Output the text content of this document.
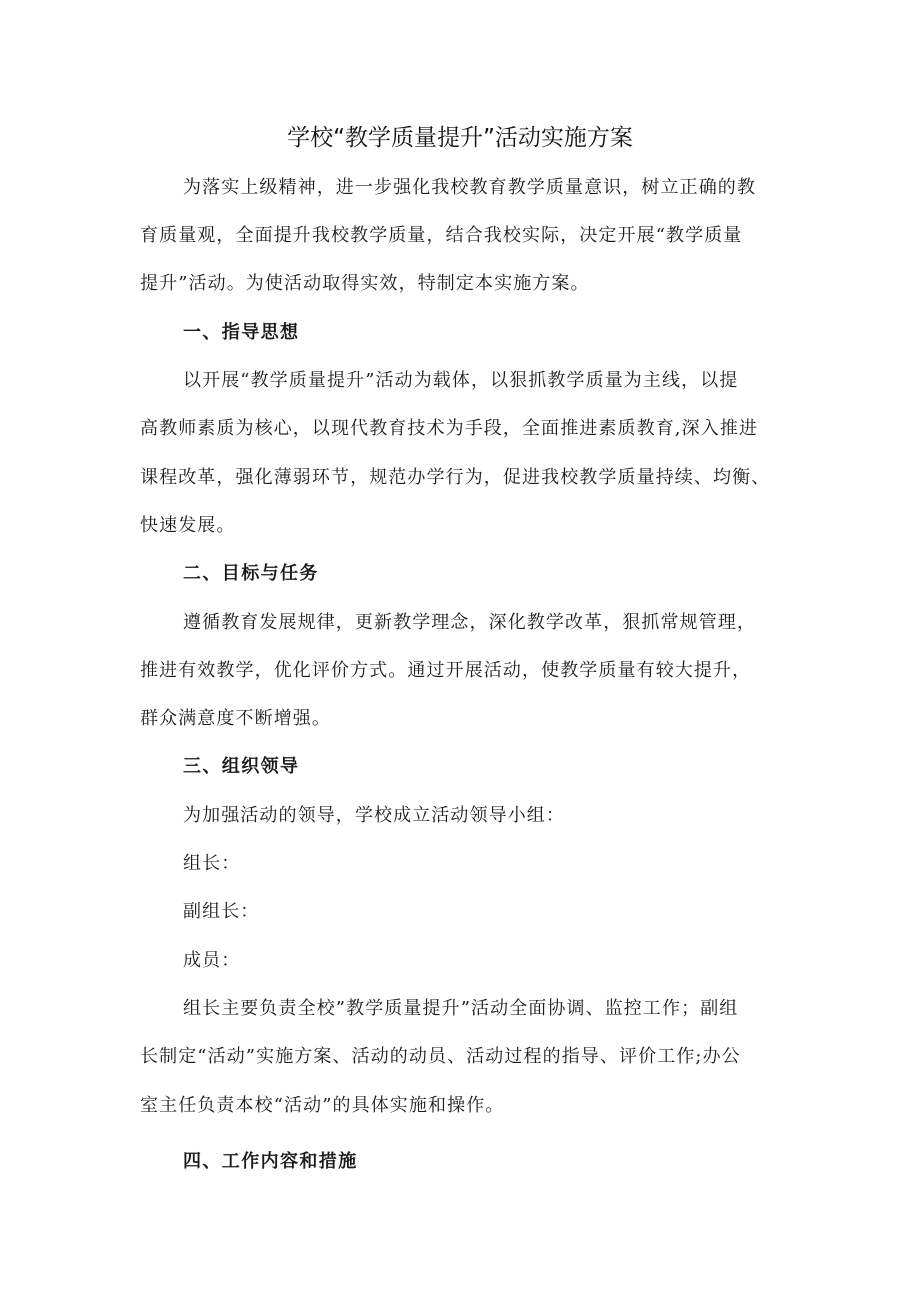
学校“教学质量提升”活动实施方案
为落实上级精神，进一步强化我校教育教学质量意识，树立正确的教
育质量观，全面提升我校教学质量，结合我校实际，决定开展“教学质量
提升”活动。为使活动取得实效，特制定本实施方案。
一、指导思想
以开展“教学质量提升”活动为载体，以狠抓教学质量为主线，以提
高教师素质为核心，以现代教育技术为手段，全面推进素质教育,深入推进
课程改革，强化薄弱环节，规范办学行为，促进我校教学质量持续、均衡、
快速发展。
二、目标与任务
遵循教育发展规律，更新教学理念，深化教学改革，狠抓常规管理，
推进有效教学，优化评价方式。通过开展活动，使教学质量有较大提升，
群众满意度不断增强。
三、组织领导
为加强活动的领导，学校成立活动领导小组：
组长：
副组长：
成员：
组长主要负责全校”教学质量提升”活动全面协调、监控工作；副组
长制定“活动”实施方案、活动的动员、活动过程的指导、评价工作;办公
室主任负责本校“活动”的具体实施和操作。
四、工作内容和措施
